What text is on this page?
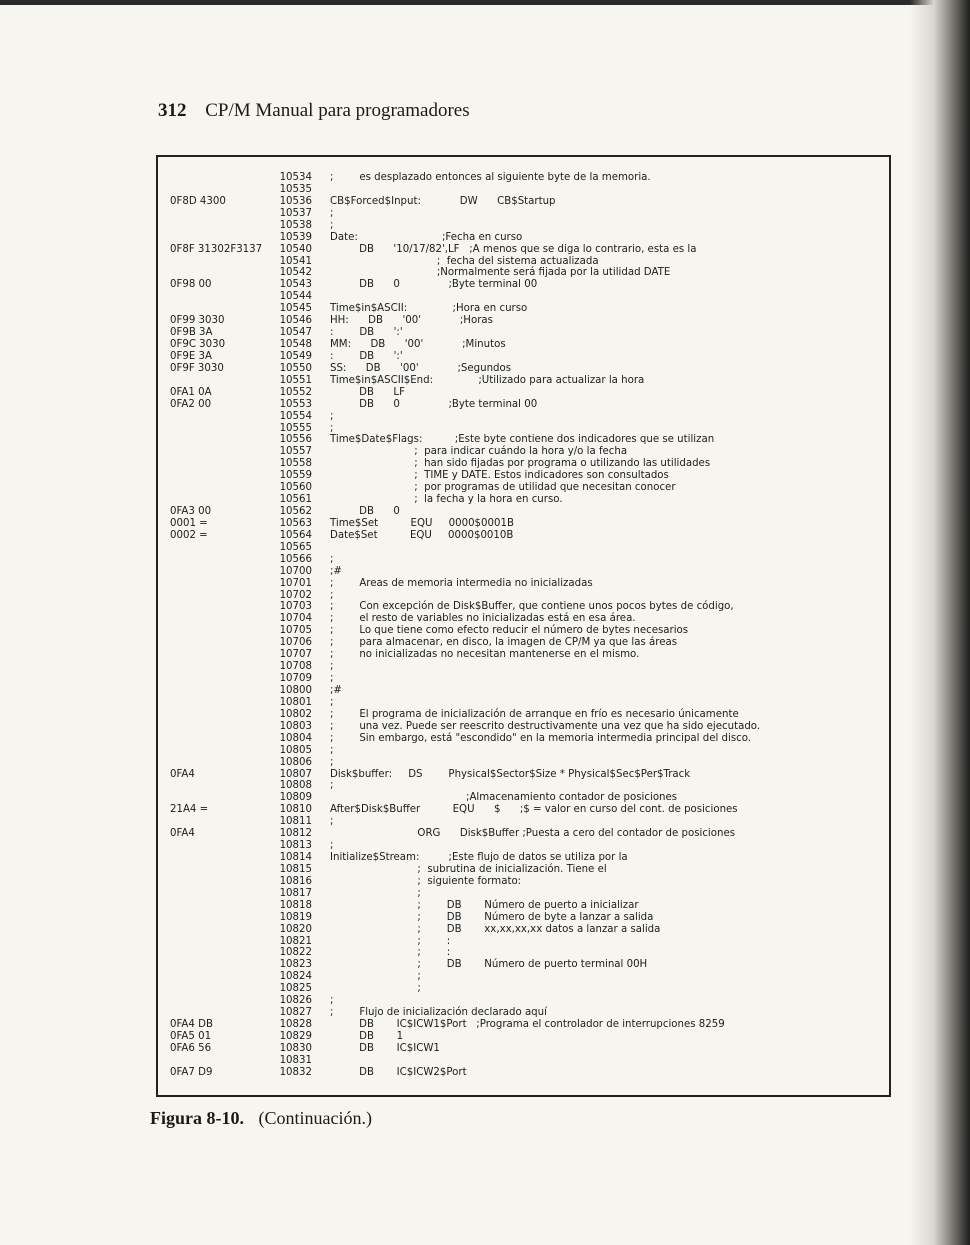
312 CP/M Manual para programadores
10534 ;        es desplazado entonces al siguiente byte de la memoria.
10535
0F8D 4300	10536 CB$Forced$Input:            DW      CB$Startup
10537 ;
10538 ;
10539 Date:                          ;Fecha en curso
0F8F 31302F3137	10540 DB      '10/17/82',LF   ;A menos que se diga lo contrario, esta es la
10541 ;  fecha del sistema actualizada
10542 ;Normalmente será fijada por la utilidad DATE
0F98 00	10543 DB      0               ;Byte terminal 00
10544
10545 Time$in$ASCII:              ;Hora en curso
0F99 3030	10546 HH:      DB      '00'            ;Horas
0F9B 3A	10547 :        DB      ':'
0F9C 3030	10548 MM:      DB      '00'            ;Minutos
0F9E 3A	10549 :        DB      ':'
0F9F 3030	10550 SS:      DB      '00'            ;Segundos
10551 Time$in$ASCII$End:              ;Utilizado para actualizar la hora
0FA1 0A	10552 DB      LF
0FA2 00	10553 DB      0               ;Byte terminal 00
10554 ;
10555 ;
10556 Time$Date$Flags:          ;Este byte contiene dos indicadores que se utilizan
10557 ;  para indicar cuándo la hora y/o la fecha
10558 ;  han sido fijadas por programa o utilizando las utilidades
10559 ;  TIME y DATE. Estos indicadores son consultados
10560 ;  por programas de utilidad que necesitan conocer
10561 ;  la fecha y la hora en curso.
0FA3 00	10562 DB      0
0001 =	10563 Time$Set          EQU     0000$0001B
0002 =	10564 Date$Set          EQU     0000$0010B
10565
10566 ;
10700 ;#
10701 ;        Areas de memoria intermedia no inicializadas
10702 ;
10703 ;        Con excepción de Disk$Buffer, que contiene unos pocos bytes de código,
10704 ;        el resto de variables no inicializadas está en esa área.
10705 ;        Lo que tiene como efecto reducir el número de bytes necesarios
10706 ;        para almacenar, en disco, la imagen de CP/M ya que las áreas
10707 ;        no inicializadas no necesitan mantenerse en el mismo.
10708 ;
10709 ;
10800 ;#
10801 ;
10802 ;        El programa de inicialización de arranque en frío es necesario únicamente
10803 ;        una vez. Puede ser reescrito destructivamente una vez que ha sido ejecutado.
10804 ;        Sin embargo, está "escondido" en la memoria intermedia principal del disco.
10805 ;
10806 ;
0FA4	10807 Disk$buffer:     DS        Physical$Sector$Size * Physical$Sec$Per$Track
10808 ;
10809 ;Almacenamiento contador de posiciones
21A4 =	10810 After$Disk$Buffer          EQU      $      ;$ = valor en curso del cont. de posiciones
10811 ;
0FA4	10812 ORG      Disk$Buffer ;Puesta a cero del contador de posiciones
10813 ;
10814 Initialize$Stream:         ;Este flujo de datos se utiliza por la
10815 ;  subrutina de inicialización. Tiene el
10816 ;  siguiente formato:
10817 ;
10818 ;        DB       Número de puerto a inicializar
10819 ;        DB       Número de byte a lanzar a salida
10820 ;        DB       xx,xx,xx,xx datos a lanzar a salida
10821 ;        :
10822 ;        :
10823 ;        DB       Número de puerto terminal 00H
10824 ;
10825 ;
10826 ;
10827 ;        Flujo de inicialización declarado aquí
0FA4 DB	10828 DB       IC$ICW1$Port   ;Programa el controlador de interrupciones 8259
0FA5 01	10829 DB       1
0FA6 56	10830 DB       IC$ICW1
10831
0FA7 D9	10832 DB       IC$ICW2$Port
Figura 8-10. (Continuación.)
